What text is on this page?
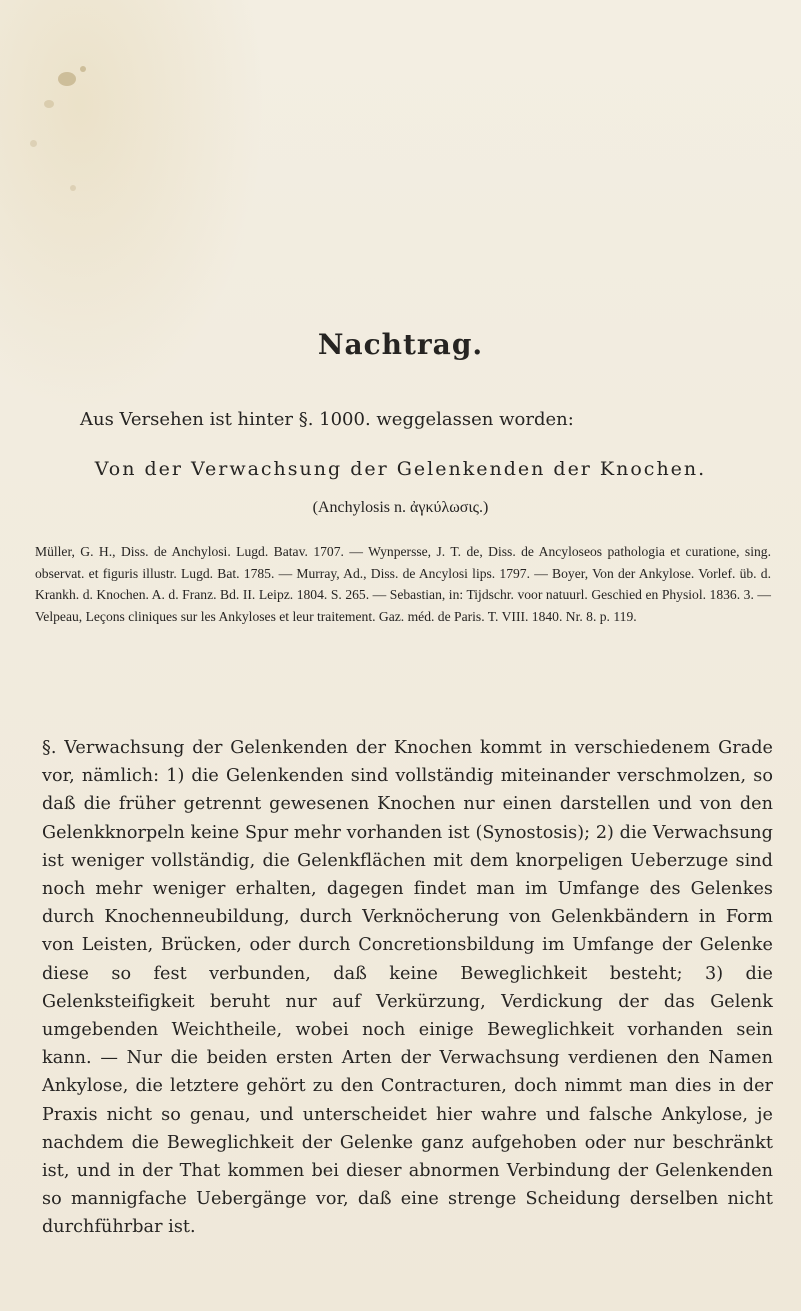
Nachtrag.
Aus Versehen ist hinter §. 1000. weggelassen worden:
Von der Verwachsung der Gelenkenden der Knochen.
(Anchylosis n. ἀγκύλωσις.)
Müller, G. H., Diss. de Anchylosi. Lugd. Batav. 1707. — Wynpersse, J. T. de, Diss. de Ancyloseos pathologia et curatione, sing. observat. et figuris illustr. Lugd. Bat. 1785. — Murray, Ad., Diss. de Ancylosi lips. 1797. — Boyer, Von der Ankylose. Vorlef. üb. d. Krankh. d. Knochen. A. d. Franz. Bd. II. Leipz. 1804. S. 265. — Sebastian, in: Tijdschr. voor natuurl. Geschied en Physiol. 1836. 3. — Velpeau, Leçons cliniques sur les Ankyloses et leur traitement. Gaz. méd. de Paris. T. VIII. 1840. Nr. 8. p. 119.
§. Verwachsung der Gelenkenden der Knochen kommt in verschiedenem Grade vor, nämlich: 1) die Gelenkenden sind vollständig miteinander verschmolzen, so daß die früher getrennt gewesenen Knochen nur einen darstellen und von den Gelenkknorpeln keine Spur mehr vorhanden ist (Synostosis); 2) die Verwachsung ist weniger vollständig, die Gelenkflächen mit dem knorpeligen Ueberzuge sind noch mehr weniger erhalten, dagegen findet man im Umfange des Gelenkes durch Knochenneubildung, durch Verknöcherung von Gelenkbändern in Form von Leisten, Brücken, oder durch Concretionsbildung im Umfange der Gelenke diese so fest verbunden, daß keine Beweglichkeit besteht; 3) die Gelenksteifigkeit beruht nur auf Verkürzung, Verdickung der das Gelenk umgebenden Weichtheile, wobei noch einige Beweglichkeit vorhanden sein kann. — Nur die beiden ersten Arten der Verwachsung verdienen den Namen Ankylose, die letztere gehört zu den Contracturen, doch nimmt man dies in der Praxis nicht so genau, und unterscheidet hier wahre und falsche Ankylose, je nachdem die Beweglichkeit der Gelenke ganz aufgehoben oder nur beschränkt ist, und in der That kommen bei dieser abnormen Verbindung der Gelenkenden so mannigfache Uebergänge vor, daß eine strenge Scheidung derselben nicht durchführbar ist.
